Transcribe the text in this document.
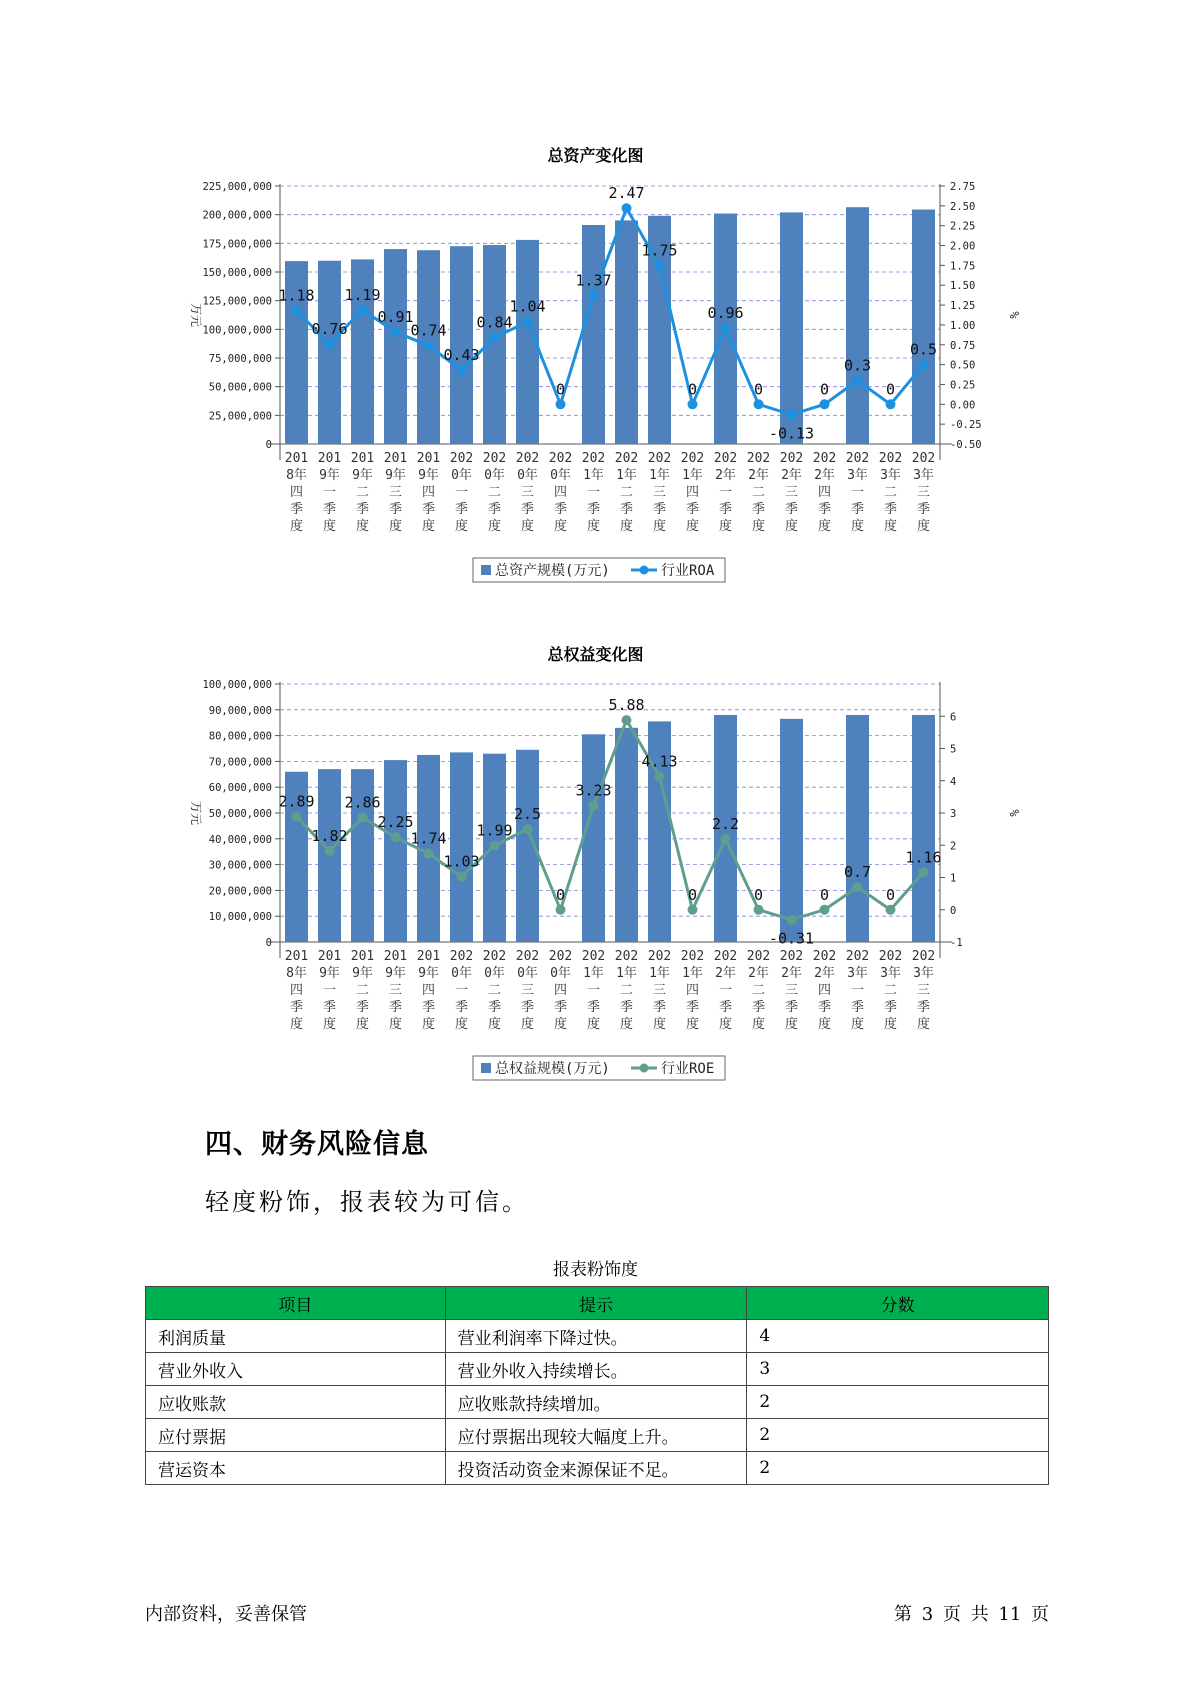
总资产变化图
0
25,000,000
50,000,000
75,000,000
100,000,000
125,000,000
150,000,000
175,000,000
200,000,000
225,000,000
-0.50
-0.25
0.00
0.25
0.50
0.75
1.00
1.25
1.50
1.75
2.00
2.25
2.50
2.75
万元	%
201
8年
四
季
度
201
9年
一
季
度
201
9年
二
季
度
201
9年
三
季
度
201
9年
四
季
度
202
0年
一
季
度
202
0年
二
季
度
202
0年
三
季
度
202
0年
四
季
度
202
1年
一
季
度
202
1年
二
季
度
202
1年
三
季
度
202
1年
四
季
度
202
2年
一
季
度
202
2年
二
季
度
202
2年
三
季
度
202
2年
四
季
度
202
3年
一
季
度
202
3年
二
季
度
202
3年
三
季
度
1.18
0.76
1.19
0.91
0.74
0.43
0.84
1.04
0
1.37
2.47
1.75
0
0.96
0
-0.13
0
0.3
0
0.5
总资产规模(万元)	行业ROA
总权益变化图
0
10,000,000
20,000,000
30,000,000
40,000,000
50,000,000
60,000,000
70,000,000
80,000,000
90,000,000
100,000,000
-1
0
1
2
3
4
5
6
万元	%
201
8年
四
季
度
201
9年
一
季
度
201
9年
二
季
度
201
9年
三
季
度
201
9年
四
季
度
202
0年
一
季
度
202
0年
二
季
度
202
0年
三
季
度
202
0年
四
季
度
202
1年
一
季
度
202
1年
二
季
度
202
1年
三
季
度
202
1年
四
季
度
202
2年
一
季
度
202
2年
二
季
度
202
2年
三
季
度
202
2年
四
季
度
202
3年
一
季
度
202
3年
二
季
度
202
3年
三
季
度
2.89
1.82
2.86
2.25
1.74
1.03
1.99
2.5
0
3.23
5.88
4.13
0
2.2
0
-0.31
0
0.7
0
1.16
总权益规模(万元)	行业ROE
四、财务风险信息
轻度粉饰，报表较为可信。
报表粉饰度
项目	提示	分数
利润质量	营业利润率下降过快。	4
营业外收入	营业外收入持续增长。	3
应收账款	应收账款持续增加。	2
应付票据	应付票据出现较大幅度上升。	2
营运资本	投资活动资金来源保证不足。	2
内部资料，妥善保管	第 3 页 共 11 页
